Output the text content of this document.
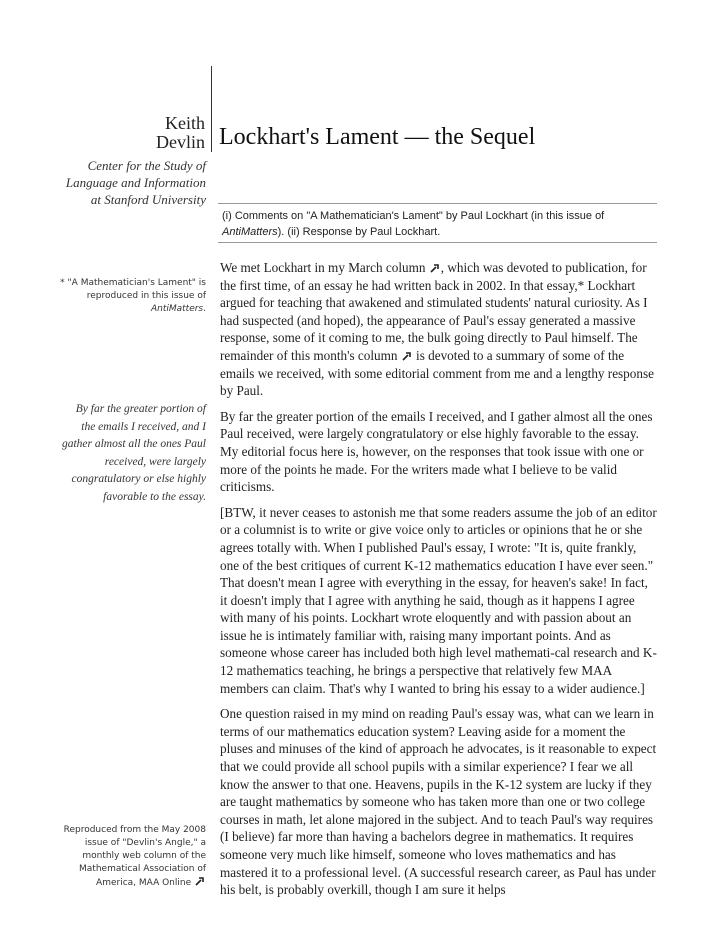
Keith
Devlin Lockhart's Lament — the Sequel
Center for the Study of
Language and Information
at Stanford University
(i) Comments on "A Mathematician's Lament" by Paul Lockhart (in this issue of AntiMatters). (ii) Response by Paul Lockhart.
* "A Mathematician's Lament" is
reproduced in this issue of
AntiMatters.
By far the greater portion of the emails I received, and I gather almost all the ones Paul received, were largely congratulatory or else highly favorable to the essay.
Reproduced from the May 2008
issue of "Devlin's Angle," a
monthly web column of the
Mathematical Association of
America, MAA Online

We met Lockhart in my March column
, which was devoted to publication, for the first time, of an essay he had written back in 2002. In that essay,* Lockhart argued for teaching that awakened and stimulated students' natural curiosity. As I had suspected (and hoped), the appearance of Paul's essay generated a massive response, some of it coming to me, the bulk going directly to Paul himself. The remainder of this month's column
is devoted to a summary of some of the emails we received, with some editorial comment from me and a lengthy response by Paul.

By far the greater portion of the emails I received, and I gather almost all the ones Paul received, were largely congratulatory or else highly favorable to the essay. My editorial focus here is, however, on the responses that took issue with one or more of the points he made. For the writers made what I believe to be valid criticisms.

[BTW, it never ceases to astonish me that some readers assume the job of an editor or a columnist is to write or give voice only to articles or opinions that he or she agrees totally with. When I published Paul's essay, I wrote: "It is, quite frankly, one of the best critiques of current K-12 mathematics education I have ever seen." That doesn't mean I agree with everything in the essay, for heaven's sake! In fact, it doesn't imply that I agree with anything he said, though as it happens I agree with many of his points. Lockhart wrote eloquently and with passion about an issue he is intimately familiar with, raising many important points. And as someone whose career has included both high level mathemati-cal research and K-12 mathematics teaching, he brings a perspective that relatively few MAA members can claim. That's why I wanted to bring his essay to a wider audience.]

One question raised in my mind on reading Paul's essay was, what can we learn in terms of our mathematics education system? Leaving aside for a moment the pluses and minuses of the kind of approach he advocates, is it reasonable to expect that we could provide all school pupils with a similar experience? I fear we all know the answer to that one. Heavens, pupils in the K-12 system are lucky if they are taught mathematics by someone who has taken more than one or two college courses in math, let alone majored in the subject. And to teach Paul's way requires (I believe) far more than having a bachelors degree in mathematics. It requires someone very much like himself, someone who loves mathematics and has mastered it to a professional level. (A successful research career, as Paul has under his belt, is probably overkill, though I am sure it helps
